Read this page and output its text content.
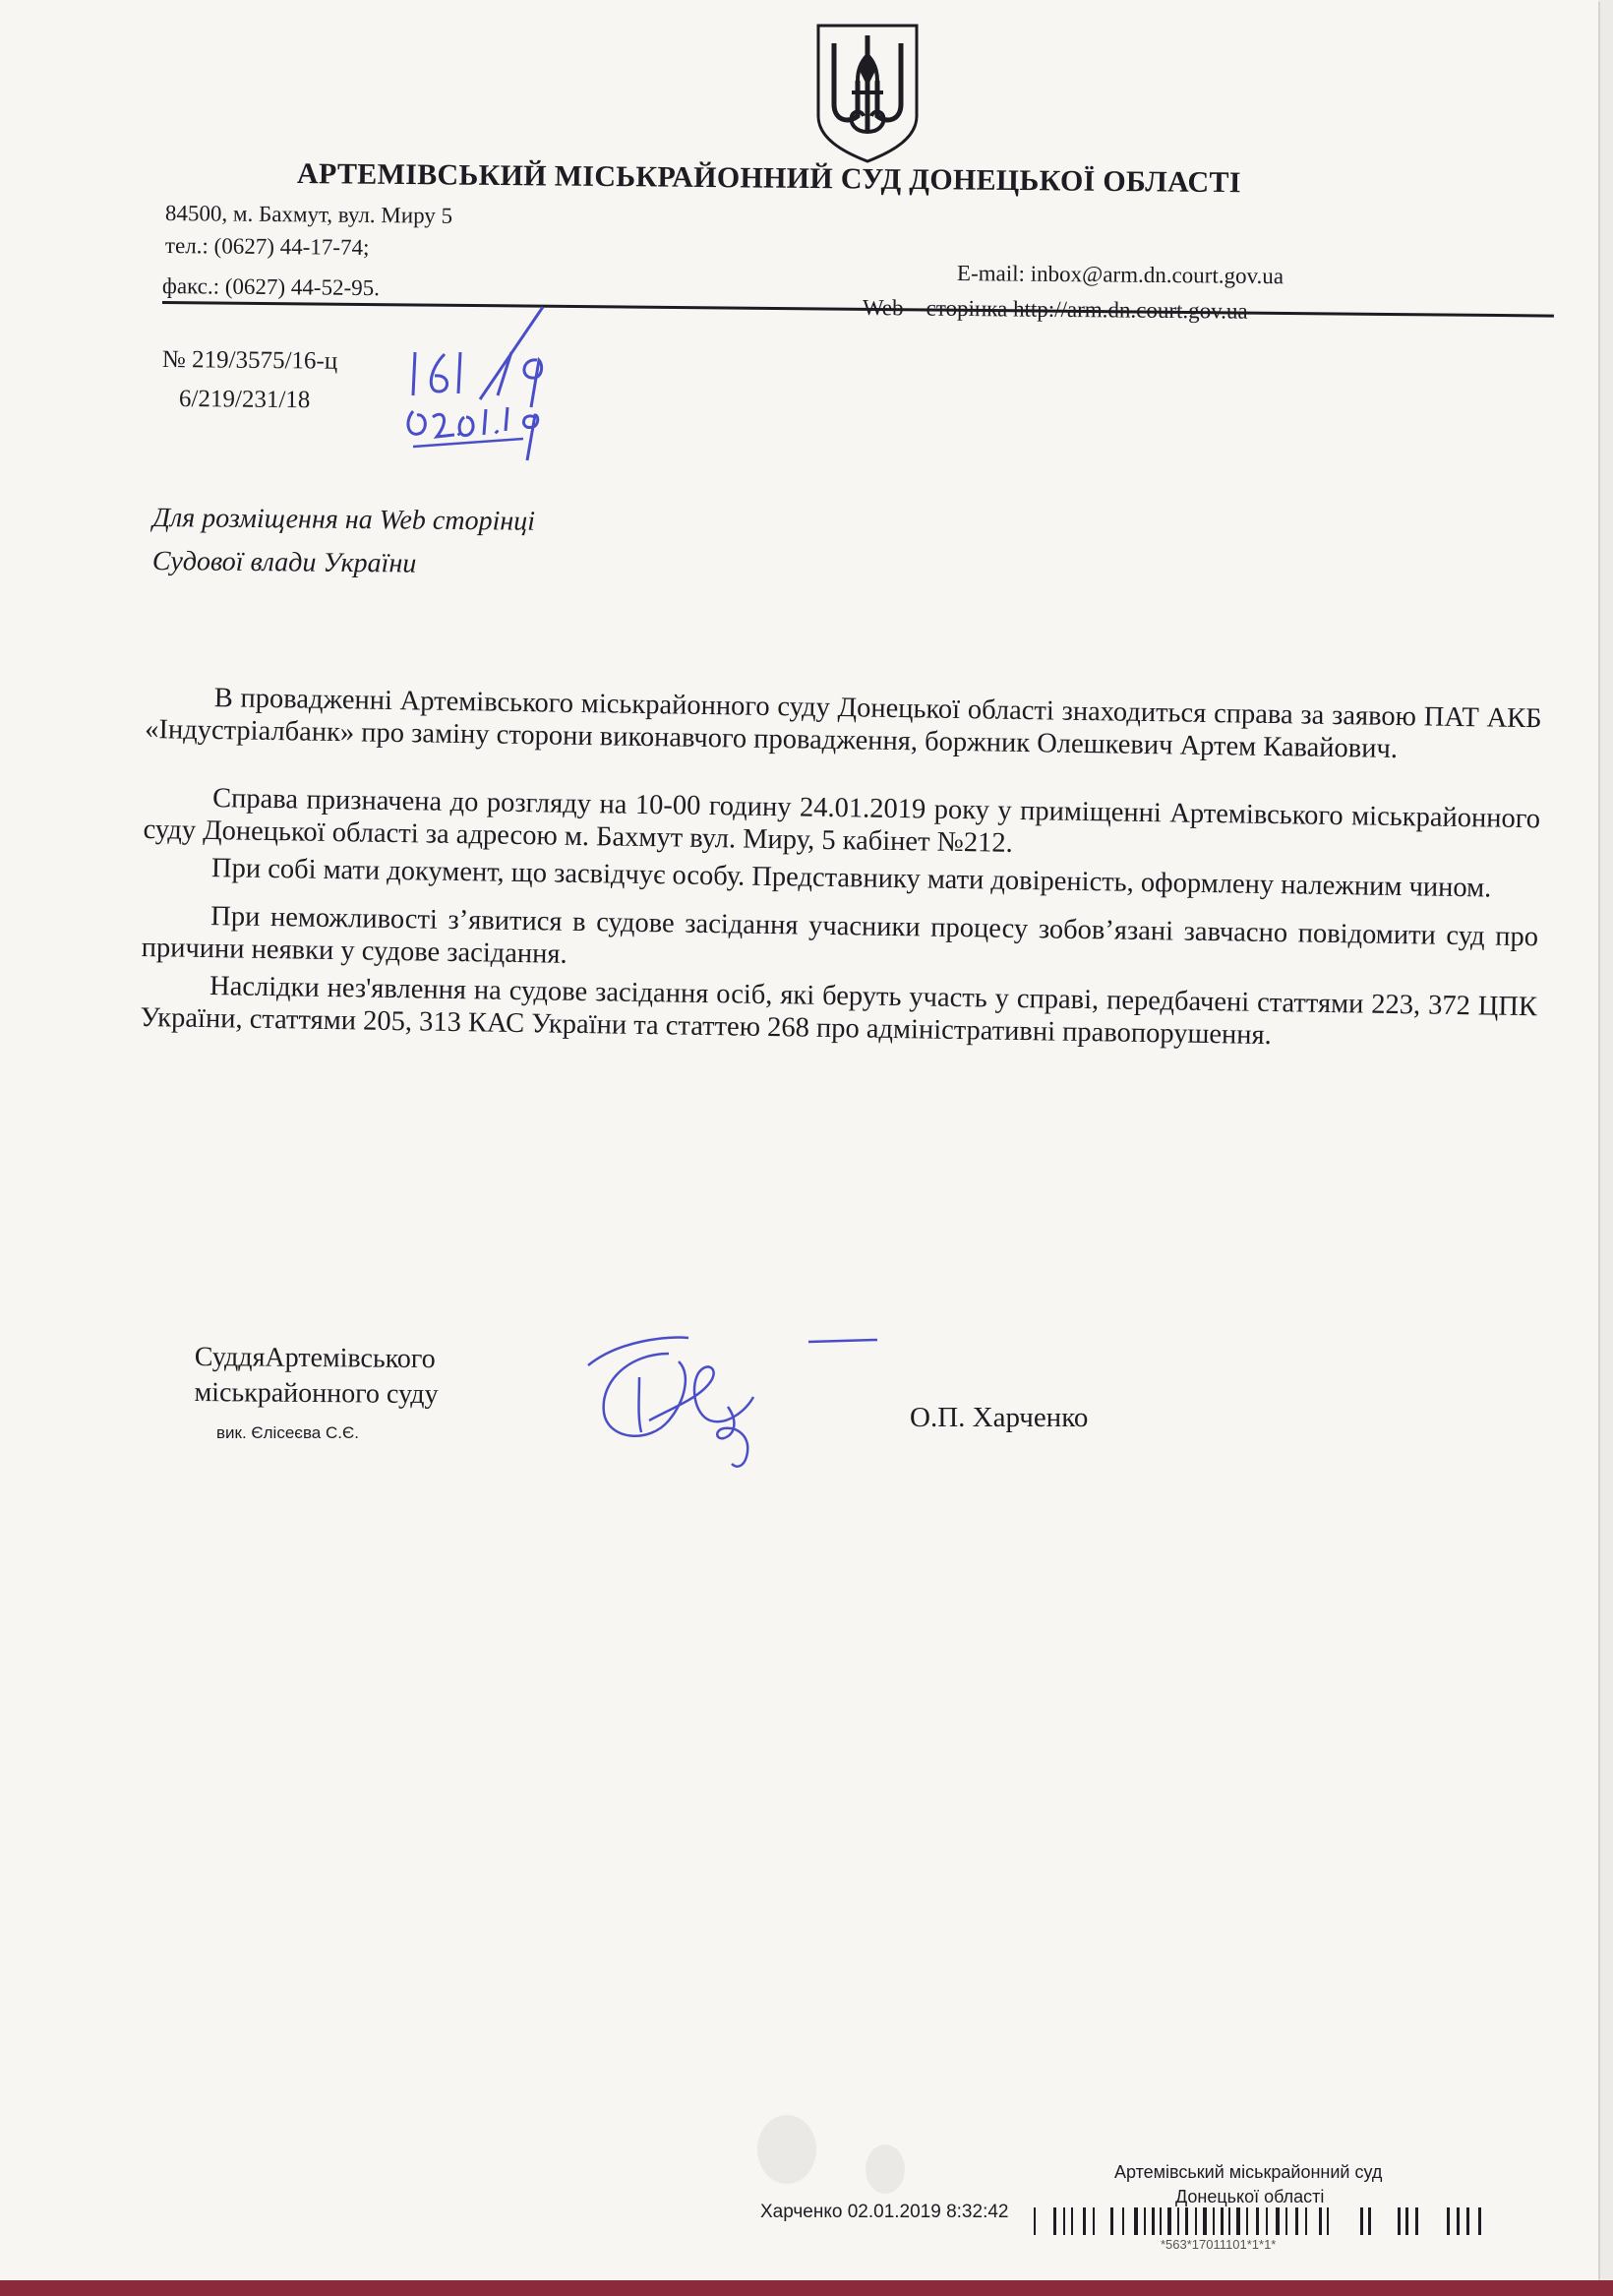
АРТЕМІВСЬКИЙ МІСЬКРАЙОННИЙ СУД ДОНЕЦЬКОЇ ОБЛАСТІ
84500, м. Бахмут, вул. Миру 5
тел.: (0627) 44-17-74;
факс.: (0627) 44-52-95.	E-mail: inbox@arm.dn.court.gov.ua
Web – сторінка http://arm.dn.court.gov.ua
№ 219/3575/16-ц
6/219/231/18
Для розміщення на Web сторінці
Судової влади України

В провадженні Артемівського міськрайонного суду Донецької області знаходиться справа за заявою ПАТ АКБ «Індустріалбанк» про заміну сторони виконавчого провадження, боржник Олешкевич Артем Кавайович.

Справа призначена до розгляду на 10-00 годину 24.01.2019 року у приміщенні Артемівського міськрайонного суду Донецької області за адресою м. Бахмут вул. Миру, 5 кабінет №212.

При собі мати документ, що засвідчує особу. Представнику мати довіреність, оформлену належним чином.

При неможливості з’явитися в судове засідання учасники процесу зобов’язані завчасно повідомити суд про причини неявки у судове засідання.

Наслідки нез'явлення на судове засідання осіб, які беруть участь у справі, передбачені статтями 223, 372 ЦПК України, статтями 205, 313 КАС України та статтею 268 про адміністративні правопорушення.

СуддяАртемівського
міськрайонного суду
вик. Єлісеєва С.Є.	О.П. Харченко
Артемівський міськрайонний суд
Донецької області
Харченко 02.01.2019 8:32:42
*563*17011101*1*1*
